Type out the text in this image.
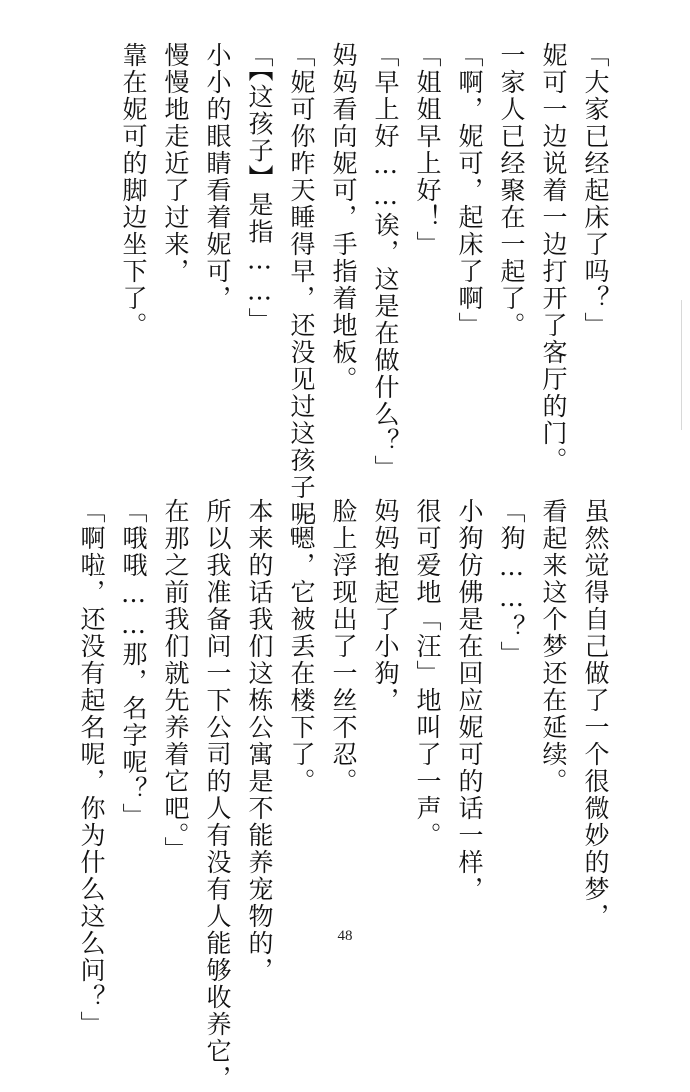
「大家已经起床了吗？」

妮可一边说着一边打开了客厅的门。

一家人已经聚在一起了。

「啊，妮可，起床了啊」

「姐姐早上好！」

「早上好……诶，这是在做什么？」

妈妈看向妮可，手指着地板。

「妮可你昨天睡得早，还没见过这孩子呢」

「【这孩子】是指……」

小小的眼睛看着妮可，

慢慢地走近了过来，

靠在妮可的脚边坐下了。

虽然觉得自己做了一个很微妙的梦，

看起来这个梦还在延续。

「狗……？」

小狗仿佛是在回应妮可的话一样，

很可爱地「汪」地叫了一声。

妈妈抱起了小狗，

脸上浮现出了一丝不忍。

「嗯，它被丢在楼下了。

本来的话我们这栋公寓是不能养宠物的，

所以我准备问一下公司的人有没有人能够收养它，

在那之前我们就先养着它吧。」

「哦哦……那，名字呢？」

「啊啦，还没有起名呢，你为什么这么问？」	48
